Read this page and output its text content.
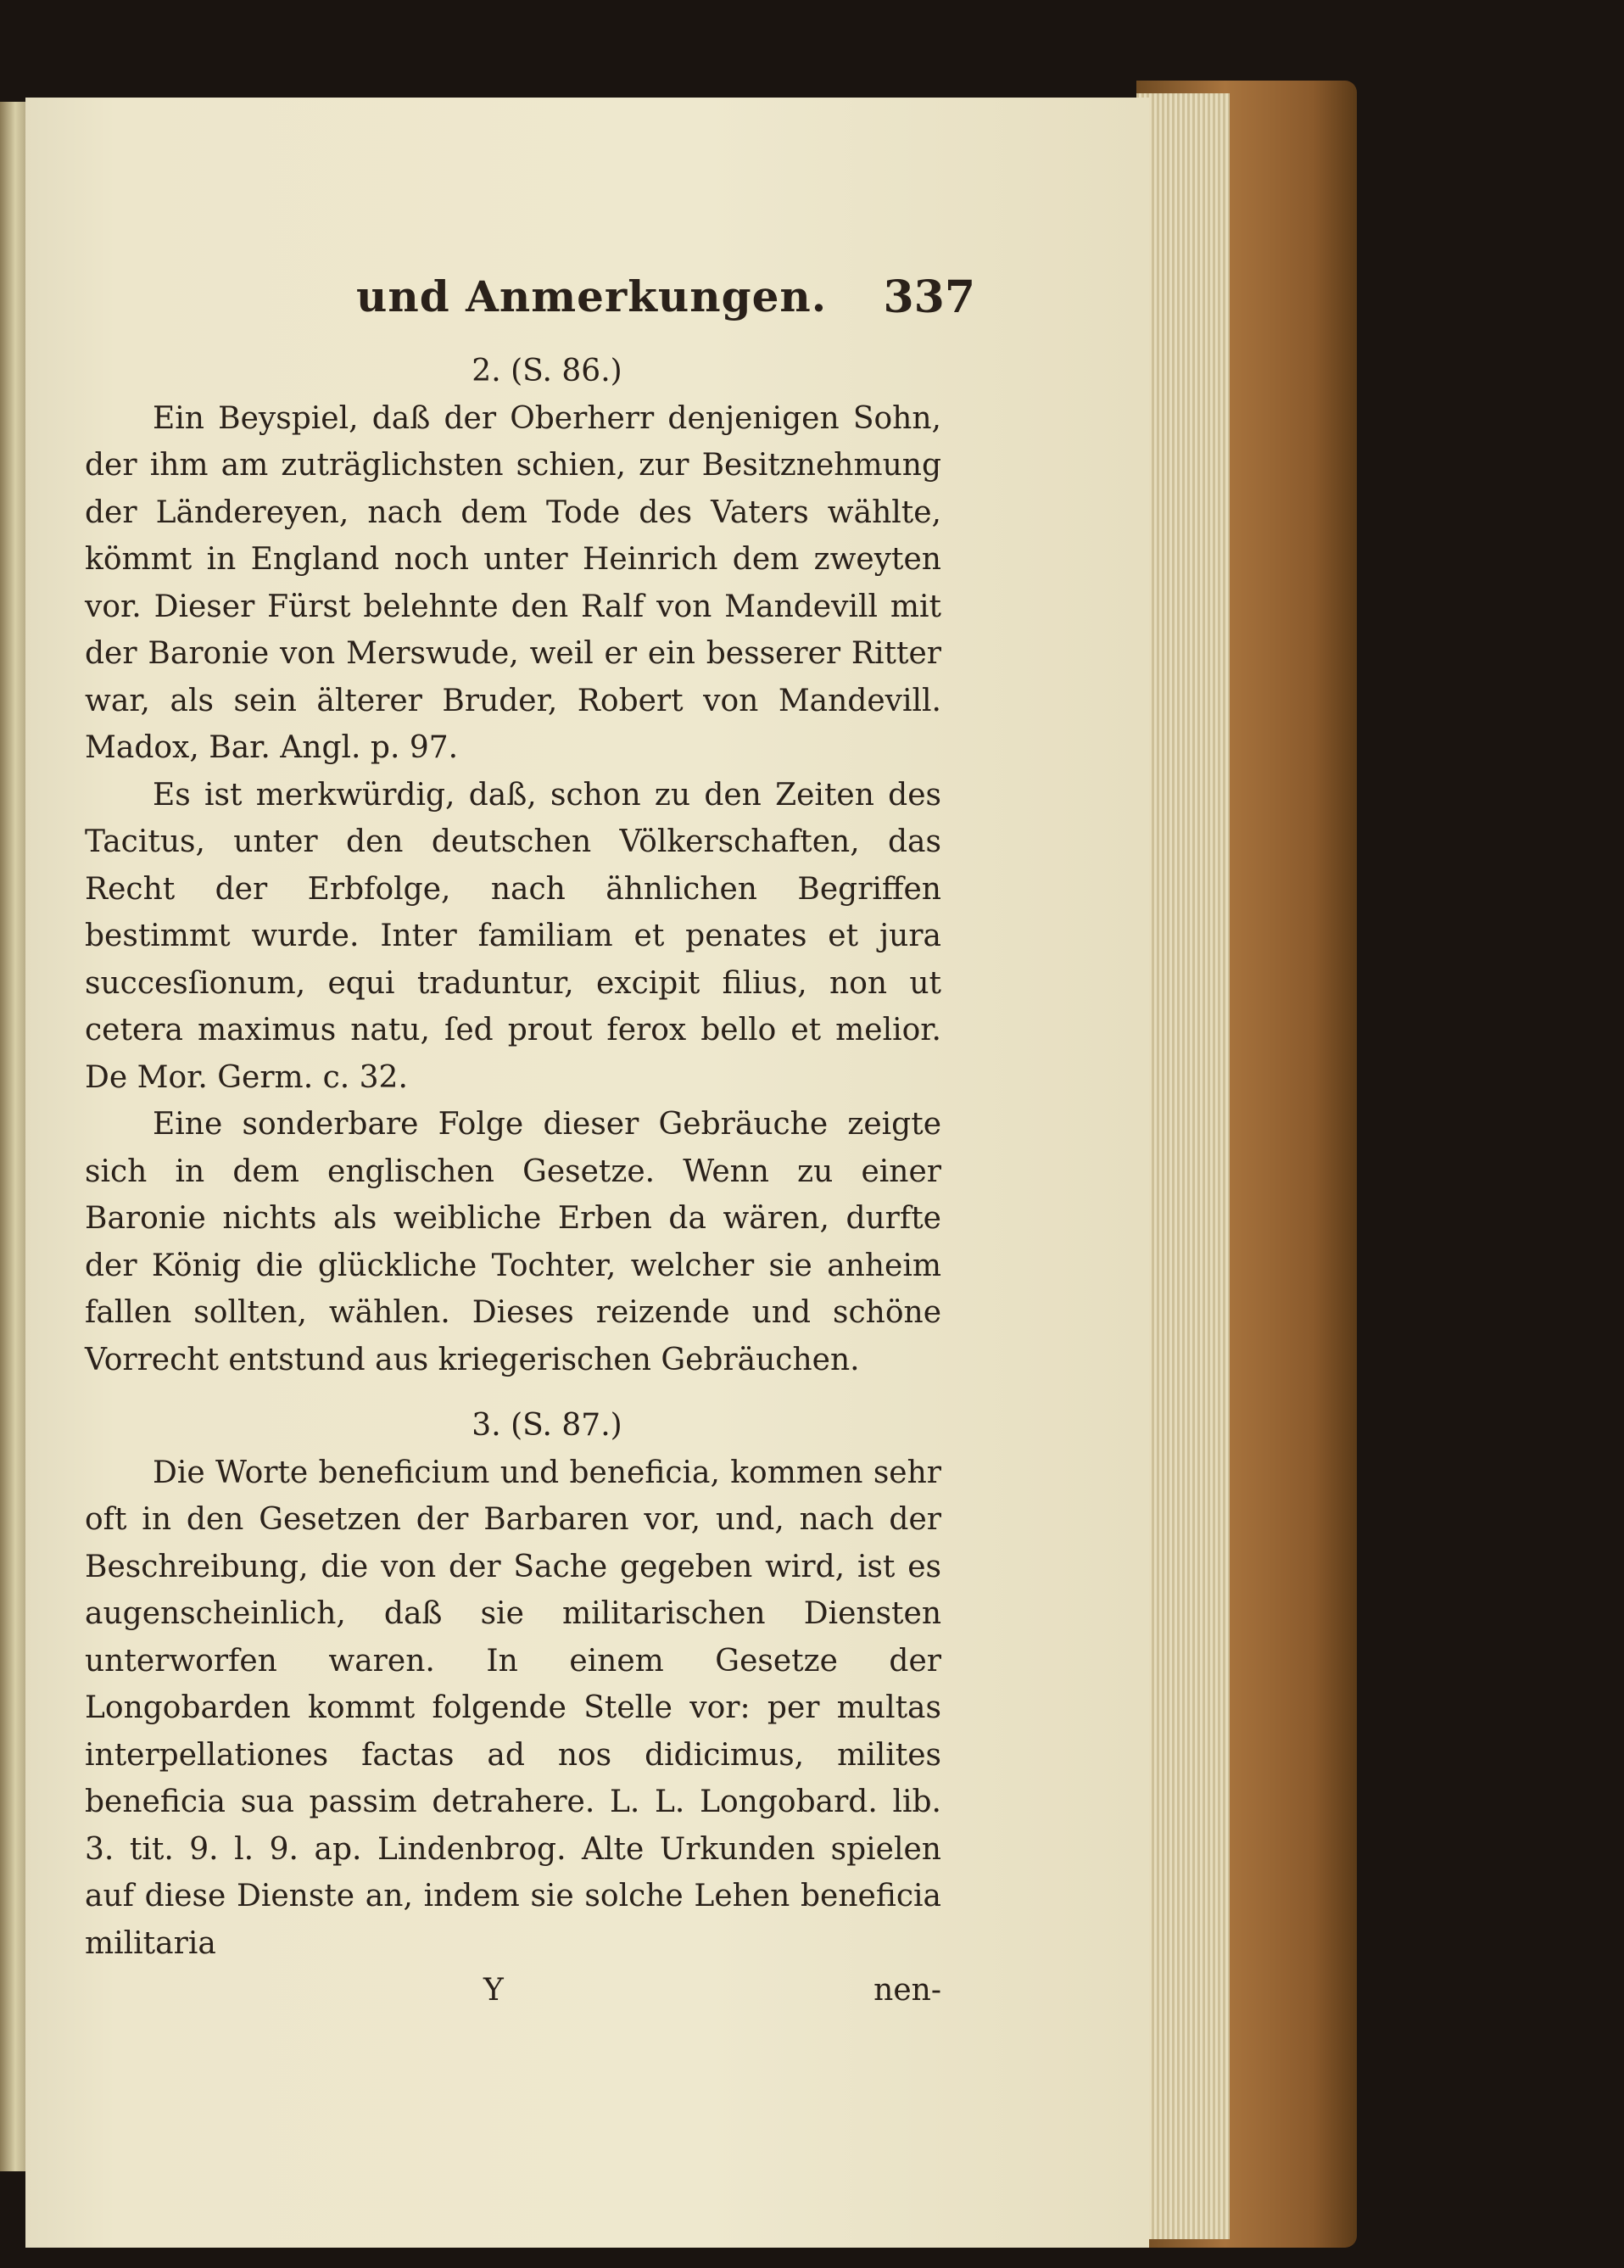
und Anmerkungen. 337

2. (S. 86.)

Ein Beyspiel, daß der Oberherr denjenigen Sohn, der ihm am zuträglichsten schien, zur Besitznehmung der Ländereyen, nach dem Tode des Vaters wählte, kömmt in England noch unter Heinrich dem zweyten vor. Dieser Fürst belehnte den Ralf von Mandevill mit der Baronie von Merswude, weil er ein besserer Ritter war, als sein älterer Bruder, Robert von Mandevill. Madox, Bar. Angl. p. 97.

Es ist merkwürdig, daß, schon zu den Zeiten des Tacitus, unter den deutschen Völkerschaften, das Recht der Erbfolge, nach ähnlichen Begriffen bestimmt wurde. Inter familiam et penates et jura succesſionum, equi traduntur, excipit filius, non ut cetera maximus natu, ſed prout ferox bello et melior. De Mor. Germ. c. 32.

Eine sonderbare Folge dieser Gebräuche zeigte sich in dem englischen Gesetze. Wenn zu einer Baronie nichts als weibliche Erben da wären, durfte der König die glückliche Tochter, welcher sie anheim fallen sollten, wählen. Dieses reizende und schöne Vorrecht entstund aus kriegerischen Gebräuchen.

3. (S. 87.)

Die Worte beneficium und beneficia, kommen sehr oft in den Gesetzen der Barbaren vor, und, nach der Beschreibung, die von der Sache gegeben wird, ist es augenscheinlich, daß sie militarischen Diensten unterworfen waren. In einem Gesetze der Longobarden kommt folgende Stelle vor: per multas interpellationes factas ad nos didicimus, milites beneficia sua passim detrahere. L. L. Longobard. lib. 3. tit. 9. l. 9. ap. Lindenbrog. Alte Urkunden spielen auf diese Dienste an, indem sie solche Lehen beneficia militaria

Y	nen-
